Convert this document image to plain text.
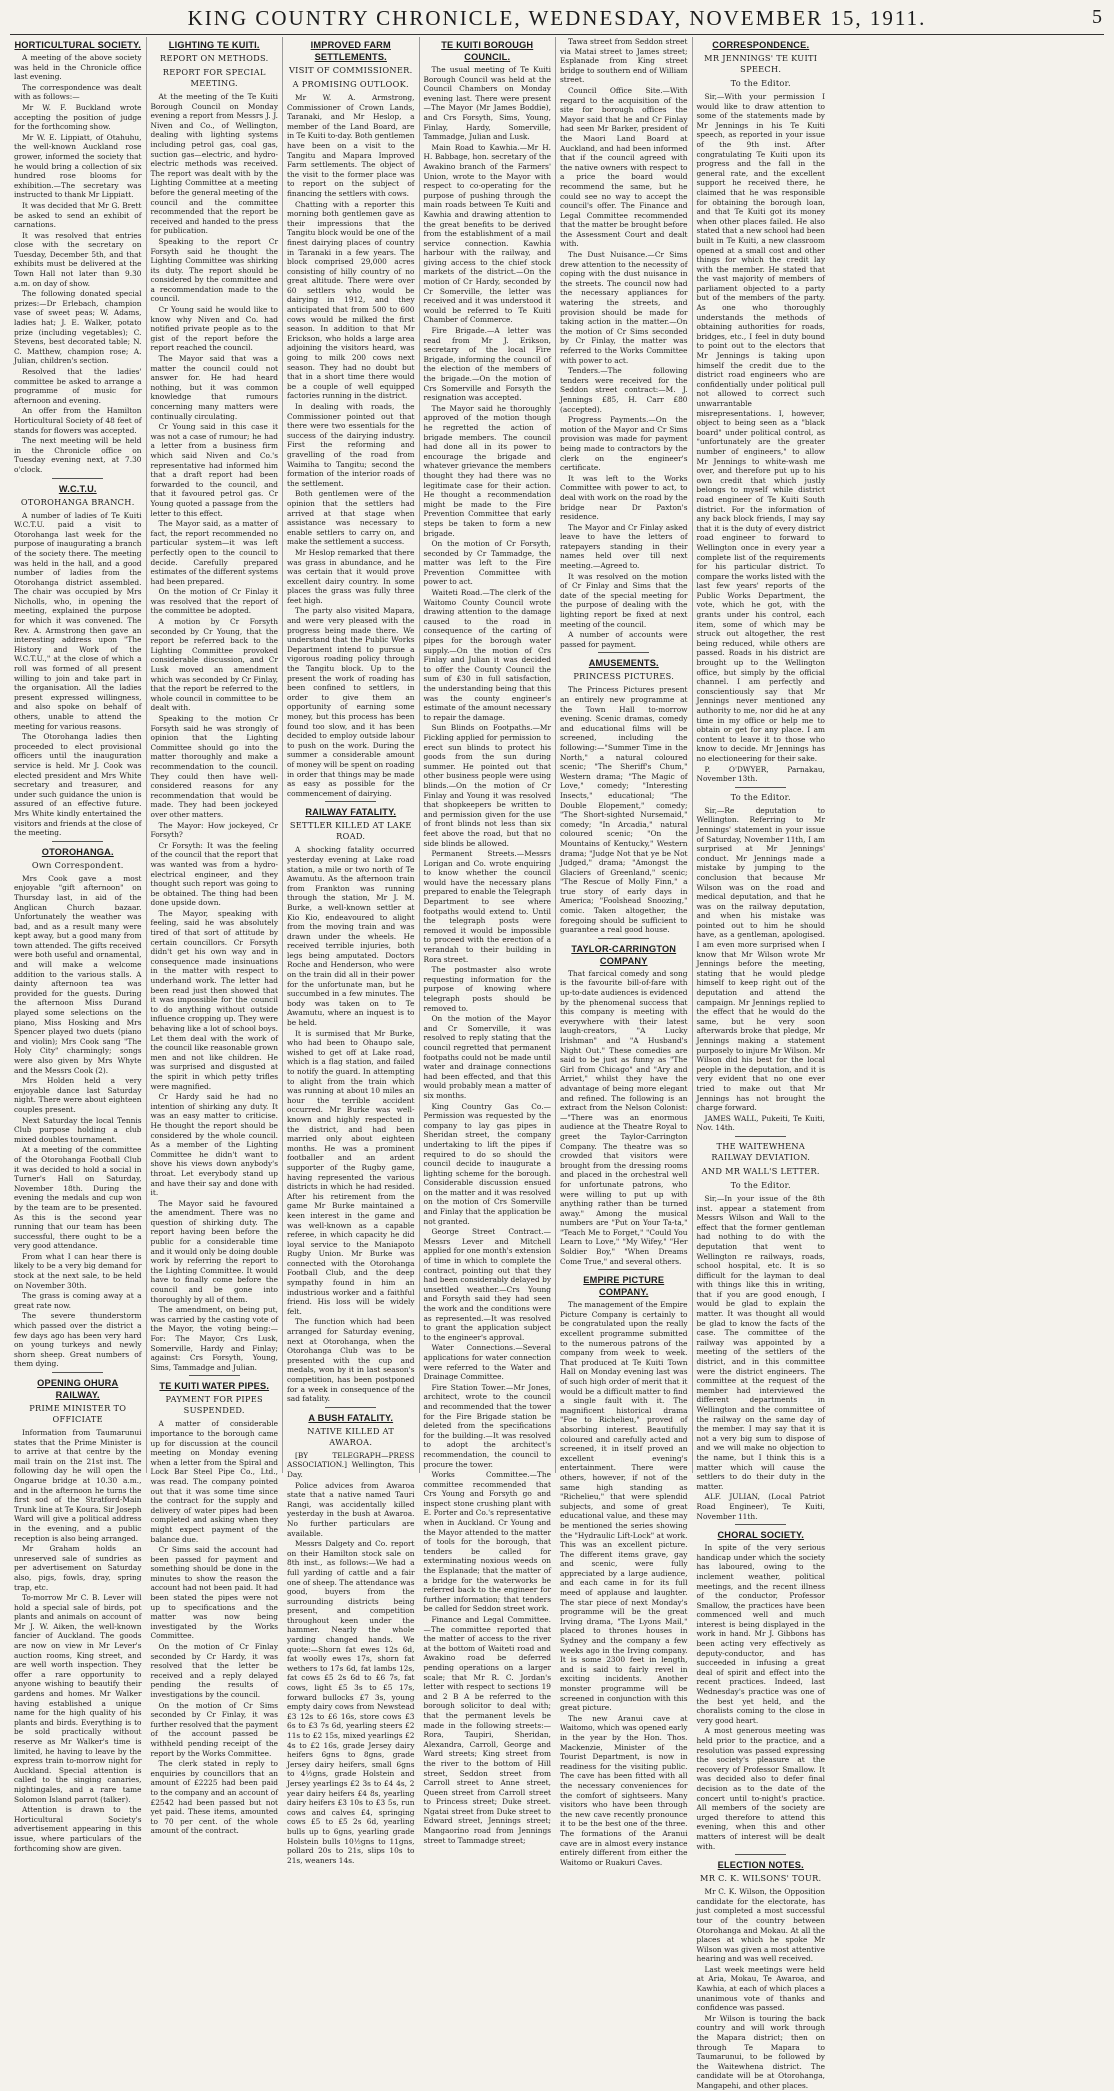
KING COUNTRY CHRONICLE, WEDNESDAY, NOVEMBER 15, 1911.	5
HORTICULTURAL SOCIETY.

A meeting of the above society was held in the Chronicle office last evening.

The correspondence was dealt with as follows:—

Mr W. F. Buckland wrote accepting the position of judge for the forthcoming show.

Mr W. E. Lippiatt, of Otahuhu, the well-known Auckland rose grower, informed the society that he would bring a collection of six hundred rose blooms for exhibition.—The secretary was instructed to thank Mr Lippiatt.

It was decided that Mr G. Brett be asked to send an exhibit of carnations.

It was resolved that entries close with the secretary on Tuesday, December 5th, and that exhibits must be delivered at the Town Hall not later than 9.30 a.m. on day of show.

The following donated special prizes:—Dr Erlebach, champion vase of sweet peas; W. Adams, ladies hat; J. E. Walker, potato prize (including vegetables); C. Stevens, best decorated table; N. C. Matthew, champion rose; A. Julian, children's section.

Resolved that the ladies' committee be asked to arrange a programme of music for afternoon and evening.

An offer from the Hamilton Horticultural Society of 48 feet of stands for flowers was accepted.

The next meeting will be held in the Chronicle office on Tuesday evening next, at 7.30 o'clock.

W.C.T.U.
OTOROHANGA BRANCH.

A number of ladies of Te Kuiti W.C.T.U. paid a visit to Otorohanga last week for the purpose of inaugurating a branch of the society there. The meeting was held in the hall, and a good number of ladies from the Otorohanga district assembled. The chair was occupied by Mrs Nicholls, who, in opening the meeting, explained the purpose for which it was convened. The Rev. A. Armstrong then gave an interesting address upon "The History and Work of the W.C.T.U.," at the close of which a roll was formed of all present willing to join and take part in the organisation. All the ladies present expressed willingness, and also spoke on behalf of others, unable to attend the meeting for various reasons.

The Otorohanga ladies then proceeded to elect provisional officers until the inauguration service is held. Mr J. Cook was elected president and Mrs White secretary and treasurer, and under such guidance the union is assured of an effective future. Mrs White kindly entertained the visitors and friends at the close of the meeting.

OTOROHANGA.
Own Correspondent.

Mrs Cook gave a most enjoyable "gift afternoon" on Thursday last, in aid of the Anglican Church bazaar. Unfortunately the weather was bad, and as a result many were kept away, but a good many from town attended. The gifts received were both useful and ornamental, and will make a welcome addition to the various stalls. A dainty afternoon tea was provided for the guests. During the afternoon Miss Durand played some selections on the piano, Miss Hosking and Mrs Spencer played two duets (piano and violin); Mrs Cook sang "The Holy City" charmingly; songs were also given by Mrs Whyte and the Messrs Cook (2).

Mrs Holden held a very enjoyable dance last Saturday night. There were about eighteen couples present.

Next Saturday the local Tennis Club purpose holding a club mixed doubles tournament.

At a meeting of the committee of the Otorohanga Football Club it was decided to hold a social in Turner's Hall on Saturday, November 18th. During the evening the medals and cup won by the team are to be presented. As this is the second year running that our team has been successful, there ought to be a very good attendance.

From what I can hear there is likely to be a very big demand for stock at the next sale, to be held on November 30th.

The grass is coming away at a great rate now.

The severe thunderstorm which passed over the district a few days ago has been very hard on young turkeys and newly shorn sheep. Great numbers of them dying.

OPENING OHURA RAILWAY.
PRIME MINISTER TO OFFICIATE

Information from Taumarunui states that the Prime Minister is to arrive at that centre by the mail train on the 21st inst. The following day he will open the Ongarue bridge at 10.30 a.m., and in the afternoon he turns the first sod of the Stratford-Main Trunk line at Te Koura. Sir Joseph Ward will give a political address in the evening, and a public reception is also being arranged.

Mr Graham holds an unreserved sale of sundries as per advertisement on Saturday also, pigs, fowls, dray, spring trap, etc.

To-morrow Mr C. B. Lever will hold a special sale of birds, pot plants and animals on account of Mr J. W. Aiken, the well-known fancier of Auckland. The goods are now on view in Mr Lever's auction rooms, King street, and are well worth inspection. They offer a rare opportunity to anyone wishing to beautify their gardens and homes. Mr Walker having established a unique name for the high quality of his plants and birds. Everything is to be sold practically without reserve as Mr Walker's time is limited, he having to leave by the express train to-morrow night for Auckland. Special attention is called to the singing canaries, nightingales, and a rare tame Solomon Island parrot (talker).

Attention is drawn to the Horticultural Society's advertisement appearing in this issue, where particulars of the forthcoming show are given.

LIGHTING TE KUITI.
REPORT ON METHODS.
REPORT FOR SPECIAL MEETING.

At the meeting of the Te Kuiti Borough Council on Monday evening a report from Messrs J. J. Niven and Co., of Wellington, dealing with lighting systems including petrol gas, coal gas, suction gas—electric, and hydro-electric methods was received. The report was dealt with by the Lighting Committee at a meeting before the general meeting of the council and the committee recommended that the report be received and handed to the press for publication.

Speaking to the report Cr Forsyth said he thought the Lighting Committee was shirking its duty. The report should be considered by the committee and a recommendation made to the council.

Cr Young said he would like to know why Niven and Co. had notified private people as to the gist of the report before the report reached the council.

The Mayor said that was a matter the council could not answer for. He had heard nothing, but it was common knowledge that rumours concerning many matters were continually circulating.

Cr Young said in this case it was not a case of rumour; he had a letter from a business firm which said Niven and Co.'s representative had informed him that a draft report had been forwarded to the council, and that it favoured petrol gas. Cr Young quoted a passage from the letter to this effect.

The Mayor said, as a matter of fact, the report recommended no particular system—it was left perfectly open to the council to decide. Carefully prepared estimates of the different systems had been prepared.

On the motion of Cr Finlay it was resolved that the report of the committee be adopted.

A motion by Cr Forsyth seconded by Cr Young, that the report be referred back to the Lighting Committee provoked considerable discussion, and Cr Lusk moved an amendment which was seconded by Cr Finlay, that the report be referred to the whole council in committee to be dealt with.

Speaking to the motion Cr Forsyth said he was strongly of opinion that the Lighting Committee should go into the matter thoroughly and make a recommendation to the council. They could then have well-considered reasons for any recommendation that would be made. They had been jockeyed over other matters.

The Mayor: How jockeyed, Cr Forsyth?

Cr Forsyth: It was the feeling of the council that the report that was wanted was from a hydro-electrical engineer, and they thought such report was going to be obtained. The thing had been done upside down.

The Mayor, speaking with feeling, said he was absolutely tired of that sort of attitude by certain councillors. Cr Forsyth didn't get his own way and in consequence made insinuations in the matter with respect to underhand work. The letter had been read just then showed that it was impossible for the council to do anything without outside influence cropping up. They were behaving like a lot of school boys. Let them deal with the work of the council like reasonable grown men and not like children. He was surprised and disgusted at the spirit in which petty trifles were magnified.

Cr Hardy said he had no intention of shirking any duty. It was an easy matter to criticise. He thought the report should be considered by the whole council. As a member of the Lighting Committee he didn't want to shove his views down anybody's throat. Let everybody stand up and have their say and done with it.

The Mayor said he favoured the amendment. There was no question of shirking duty. The report having been before the public for a considerable time and it would only be doing double work by referring the report to the Lighting Committee. It would have to finally come before the council and be gone into thoroughly by all of them.

The amendment, on being put, was carried by the casting vote of the Mayor, the voting being:—For: The Mayor, Crs Lusk, Somerville, Hardy and Finlay; against: Crs Forsyth, Young, Sims, Tammadge and Julian.

TE KUITI WATER PIPES.
PAYMENT FOR PIPES SUSPENDED.

A matter of considerable importance to the borough came up for discussion at the council meeting on Monday evening when a letter from the Spiral and Lock Bar Steel Pipe Co., Ltd., was read. The company pointed out that it was some time since the contract for the supply and delivery of water pipes had been completed and asking when they might expect payment of the balance due.

Cr Sims said the account had been passed for payment and something should be done in the minutes to show the reason the account had not been paid. It had been stated the pipes were not up to specifications and the matter was now being investigated by the Works Committee.

On the motion of Cr Finlay seconded by Cr Hardy, it was resolved that the letter be received and a reply delayed pending the results of investigations by the council.

On the motion of Cr Sims seconded by Cr Finlay, it was further resolved that the payment of the account passed be withheld pending receipt of the report by the Works Committee.

The clerk stated in reply to enquiries by councillors that an amount of £2225 had been paid to the company and an account of £2542 had been passed but not yet paid. These items, amounted to 70 per cent. of the whole amount of the contract.

IMPROVED FARM SETTLEMENTS.
VISIT OF COMMISSIONER.
A PROMISING OUTLOOK.

Mr W. A. Armstrong, Commissioner of Crown Lands, Taranaki, and Mr Heslop, a member of the Land Board, are in Te Kuiti to-day. Both gentlemen have been on a visit to the Tangitu and Mapara Improved Farm settlements. The object of the visit to the former place was to report on the subject of financing the settlers with cows.

Chatting with a reporter this morning both gentlemen gave as their impressions that the Tangitu block would be one of the finest dairying places of country in Taranaki in a few years. The block comprised 29,000 acres consisting of hilly country of no great altitude. There were over 60 settlers who would be dairying in 1912, and they anticipated that from 500 to 600 cows would be milked the first season. In addition to that Mr Erickson, who holds a large area adjoining the visitors heard, was going to milk 200 cows next season. They had no doubt but that in a short time there would be a couple of well equipped factories running in the district.

In dealing with roads, the Commissioner pointed out that there were two essentials for the success of the dairying industry. First the reforming and gravelling of the road from Waimiha to Tangitu; second the formation of the interior roads of the settlement.

Both gentlemen were of the opinion that the settlers had arrived at that stage when assistance was necessary to enable settlers to carry on, and make the settlement a success.

Mr Heslop remarked that there was grass in abundance, and he was certain that it would prove excellent dairy country. In some places the grass was fully three feet high.

The party also visited Mapara, and were very pleased with the progress being made there. We understand that the Public Works Department intend to pursue a vigorous roading policy through the Tangitu block. Up to the present the work of roading has been confined to settlers, in order to give them an opportunity of earning some money, but this process has been found too slow, and it has been decided to employ outside labour to push on the work. During the summer a considerable amount of money will be spent on roading in order that things may be made as easy as possible for the commencement of dairying.

RAILWAY FATALITY.
SETTLER KILLED AT LAKE ROAD.

A shocking fatality occurred yesterday evening at Lake road station, a mile or two north of Te Awamutu. As the afternoon train from Frankton was running through the station, Mr J. M. Burke, a well-known settler at Kio Kio, endeavoured to alight from the moving train and was drawn under the wheels. He received terrible injuries, both legs being amputated. Doctors Roche and Henderson, who were on the train did all in their power for the unfortunate man, but he succumbed in a few minutes. The body was taken on to Te Awamutu, where an inquest is to be held.

It is surmised that Mr Burke, who had been to Ohaupo sale, wished to get off at Lake road, which is a flag station, and failed to notify the guard. In attempting to alight from the train which was running at about 10 miles an hour the terrible accident occurred. Mr Burke was well-known and highly respected in the district, and had been married only about eighteen months. He was a prominent footballer and an ardent supporter of the Rugby game, having represented the various districts in which he had resided. After his retirement from the game Mr Burke maintained a keen interest in the game and was well-known as a capable referee, in which capacity he did loyal service to the Maniapoto Rugby Union. Mr Burke was connected with the Otorohanga Football Club, and the deep sympathy found in him an industrious worker and a faithful friend. His loss will be widely felt.

The function which had been arranged for Saturday evening, next at Otorohanga, when the Otorohanga Club was to be presented with the cup and medals, won by it in last season's competition, has been postponed for a week in consequence of the sad fatality.

A BUSH FATALITY.
NATIVE KILLED AT AWAROA.

[BY TELEGRAPH—PRESS ASSOCIATION.] Wellington, This Day.

Police advices from Awaroa state that a native named Tauri Rangi, was accidentally killed yesterday in the bush at Awaroa. No further particulars are available.

Messrs Dalgety and Co. report on their Hamilton stock sale on 8th inst., as follows:—We had a full yarding of cattle and a fair one of sheep. The attendance was good, buyers from the surrounding districts being present, and competition throughout keen under the hammer. Nearly the whole yarding changed hands. We quote:—Shorn fat ewes 12s 6d, fat woolly ewes 17s, shorn fat wethers to 17s 6d, fat lambs 12s, fat cows £5 2s 6d to £6 7s, fat cows, light £5 3s to £5 17s, forward bullocks £7 3s, young empty dairy cows from Newstead £3 12s to £6 16s, store cows £3 6s to £3 7s 6d, yearling steers £2 11s to £2 15s, mixed yearlings £2 4s to £2 16s, grade Jersey dairy heifers 6gns to 8gns, grade Jersey dairy heifers, small 6gns to 4½gns, grade Holstein and Jersey yearlings £2 3s to £4 4s, 2 year dairy heifers £4 8s, yearling dairy heifers £3 10s to £3 5s, run cows and calves £4, springing cows £5 to £5 2s 6d, yearling bulls up to 6gns, yearling grade Holstein bulls 10½gns to 11gns, pollard 20s to 21s, slips 10s to 21s, weaners 14s.

TE KUITI BOROUGH COUNCIL.

The usual meeting of Te Kuiti Borough Council was held at the Council Chambers on Monday evening last. There were present—The Mayor (Mr James Boddie), and Crs Forsyth, Sims, Young, Finlay, Hardy, Somerville, Tammadge, Julian and Lusk.

Main Road to Kawhia.—Mr H. H. Babbage, hon. secretary of the Awakino branch of the Farmers' Union, wrote to the Mayor with respect to co-operating for the purpose of pushing through the main roads between Te Kuiti and Kawhia and drawing attention to the great benefits to be derived from the establishment of a mail service connection. Kawhia harbour with the railway, and giving access to the chief stock markets of the district.—On the motion of Cr Hardy, seconded by Cr Somerville, the letter was received and it was understood it would be referred to Te Kuiti Chamber of Commerce.

Fire Brigade.—A letter was read from Mr J. Erikson, secretary of the local Fire Brigade, informing the council of the election of the members of the brigade.—On the motion of Crs Somerville and Forsyth the resignation was accepted.

The Mayor said he thoroughly approved of the motion though he regretted the action of brigade members. The council had done all in its power to encourage the brigade and whatever grievance the members thought they had there was no legitimate case for their action. He thought a recommendation might be made to the Fire Prevention Committee that early steps be taken to form a new brigade.

On the motion of Cr Forsyth, seconded by Cr Tammadge, the matter was left to the Fire Prevention Committee with power to act.

Waiteti Road.—The clerk of the Waitomo County Council wrote drawing attention to the damage caused to the road in consequence of the carting of pipes for the borough water supply.—On the motion of Crs Finlay and Julian it was decided to offer the County Council the sum of £30 in full satisfaction, the understanding being that this was the county engineer's estimate of the amount necessary to repair the damage.

Sun Blinds on Footpaths.—Mr Fickling applied for permission to erect sun blinds to protect his goods from the sun during summer. He pointed out that other business people were using blinds.—On the motion of Cr Finlay and Young it was resolved that shopkeepers be written to and permission given for the use of front blinds not less than six feet above the road, but that no side blinds be allowed.

Permanent Streets.—Messrs Lorigan and Co. wrote enquiring to know whether the council would have the necessary plans prepared to enable the Telegraph Department to see where footpaths would extend to. Until the telegraph posts were removed it would be impossible to proceed with the erection of a verandah to their building in Rora street.

The postmaster also wrote requesting information for the purpose of knowing where telegraph posts should be removed to.

On the motion of the Mayor and Cr Somerville, it was resolved to reply stating that the council regretted that permanent footpaths could not be made until water and drainage connections had been effected, and that this would probably mean a matter of six months.

King Country Gas Co.—Permission was requested by the company to lay gas pipes in Sheridan street, the company undertaking to lift the pipes if required to do so should the council decide to inaugurate a lighting scheme for the borough. Considerable discussion ensued on the matter and it was resolved on the motion of Crs Somerville and Finlay that the application be not granted.

George Street Contract.—Messrs Lever and Mitchell applied for one month's extension of time in which to complete the contract, pointing out that they had been considerably delayed by unsettled weather.—Crs Young and Forsyth said they had seen the work and the conditions were as represented.—It was resolved to grant the application subject to the engineer's approval.

Water Connections.—Several applications for water connection were referred to the Water and Drainage Committee.

Fire Station Tower.—Mr Jones, architect, wrote to the council and recommended that the tower for the Fire Brigade station be deleted from the specifications for the building.—It was resolved to adopt the architect's recommendation, the council to procure the tower.

Works Committee.—The committee recommended that Crs Young and Forsyth go and inspect stone crushing plant with E. Porter and Co.'s representative when in Auckland. Cr Young and the Mayor attended to the matter of tools for the borough, that tenders be called for exterminating noxious weeds on the Esplanade; that the matter of a bridge for the waterworks be referred back to the engineer for further information; that tenders be called for Seddon street work.

Finance and Legal Committee.—The committee reported that the matter of access to the river at the bottom of Waiteti road and Awakino road be deferred pending operations on a larger scale; that Mr R. C. Jordan's letter with respect to sections 19 and 2 B A be referred to the borough solicitor to deal with; that the permanent levels be made in the following streets:—Rora, Taupiri, Sheridan, Alexandra, Carroll, George and Ward streets; King street from the river to the bottom of Hill street, Seddon street from Carroll street to Anne street, Queen street from Carroll street to Princess street; Duke street. Ngatai street from Duke street to Edward street, Jennings street; Mangaorino road from Jennings street to Tammadge street;

Tawa street from Seddon street via Matai street to James street; Esplanade from King street bridge to southern end of William street.

Council Office Site.—With regard to the acquisition of the site for borough offices the Mayor said that he and Cr Finlay had seen Mr Barker, president of the Maori Land Board at Auckland, and had been informed that if the council agreed with the native owners with respect to a price the board would recommend the same, but he could see no way to accept the council's offer. The Finance and Legal Committee recommended that the matter be brought before the Assessment Court and dealt with.

The Dust Nuisance.—Cr Sims drew attention to the necessity of coping with the dust nuisance in the streets. The council now had the necessary appliances for watering the streets, and provision should be made for taking action in the matter.—On the motion of Cr Sims seconded by Cr Finlay, the matter was referred to the Works Committee with power to act.

Tenders.—The following tenders were received for the Seddon street contract:—M. J. Jennings £85, H. Carr £80 (accepted).

Progress Payments.—On the motion of the Mayor and Cr Sims provision was made for payment being made to contractors by the clerk on the engineer's certificate.

It was left to the Works Committee with power to act, to deal with work on the road by the bridge near Dr Paxton's residence.

The Mayor and Cr Finlay asked leave to have the letters of ratepayers standing in their names held over till next meeting.—Agreed to.

It was resolved on the motion of Cr Finlay and Sims that the date of the special meeting for the purpose of dealing with the lighting report be fixed at next meeting of the council.

A number of accounts were passed for payment.

AMUSEMENTS.
PRINCESS PICTURES.

The Princess Pictures present an entirely new programme at the Town Hall to-morrow evening. Scenic dramas, comedy and educational films will be screened, including the following:—"Summer Time in the North," a natural coloured scenic; "The Sheriff's Chum," Western drama; "The Magic of Love," comedy; "Interesting Insects," educational; "The Double Elopement," comedy; "The Short-sighted Nursemaid," comedy; "In Arcadia," natural coloured scenic; "On the Mountains of Kentucky," Western drama; "Judge Not that ye be Not Judged," drama; "Amongst the Glaciers of Greenland," scenic; "The Rescue of Molly Finn," a true story of early days in America; "Foolshead Snoozing," comic. Taken altogether, the foregoing should be sufficient to guarantee a real good house.

TAYLOR-CARRINGTON COMPANY

That farcical comedy and song is the favourite bill-of-fare with up-to-date audiences is evidenced by the phenomenal success that this company is meeting with everywhere with their latest laugh-creators, "A Lucky Irishman" and "A Husband's Night Out." These comedies are said to be just as funny as "The Girl from Chicago" and "Ary and Arriet," whilst they have the advantage of being more elegant and refined. The following is an extract from the Nelson Colonist:—"There was an enormous audience at the Theatre Royal to greet the Taylor-Carrington Company. The theatre was so crowded that visitors were brought from the dressing rooms and placed in the orchestral well for unfortunate patrons, who were willing to put up with anything rather than be turned away." Among the musical numbers are "Put on Your Ta-ta," "Teach Me to Forget," "Could You Learn to Love," "My Wifey," "Her Soldier Boy," "When Dreams Come True," and several others.

EMPIRE PICTURE COMPANY.

The management of the Empire Picture Company is certainly to be congratulated upon the really excellent programme submitted to the numerous patrons of the company from week to week. That produced at Te Kuiti Town Hall on Monday evening last was of such high order of merit that it would be a difficult matter to find a single fault with it. The magnificent historical drama "Foe to Richelieu," proved of absorbing interest. Beautifully coloured and carefully acted and screened, it in itself proved an excellent evening's entertainment. There were others, however, if not of the same high standing as "Richelieu," that were splendid subjects, and some of great educational value, and these may be mentioned the series showing the "Hydraulic Lift-Lock" at work. This was an excellent picture. The different items grave, gay and scenic, were fully appreciated by a large audience, and each came in for its full meed of applause and laughter. The star piece of next Monday's programme will be the great Irving drama, "The Lyons Mail," placed to thrones houses in Sydney and the company a few weeks ago in the Irving company. It is some 2300 feet in length, and is said to fairly revel in exciting incidents. Another monster programme will be screened in conjunction with this great picture.

The new Aranui cave at Waitomo, which was opened early in the year by the Hon. Thos. Mackenzie, Minister of the Tourist Department, is now in readiness for the visiting public. The cave has been fitted with all the necessary conveniences for the comfort of sightseers. Many visitors who have been through the new cave recently pronounce it to be the best one of the three. The formations of the Aranui cave are in almost every instance entirely different from either the Waitomo or Ruakuri Caves.

CORRESPONDENCE.
MR JENNINGS' TE KUITI SPEECH.
To the Editor.

Sir,—With your permission I would like to draw attention to some of the statements made by Mr Jennings in his Te Kuiti speech, as reported in your issue of the 9th inst. After congratulating Te Kuiti upon its progress and the fall in the general rate, and the excellent support he received there, he claimed that he was responsible for obtaining the borough loan, and that Te Kuiti got its money when other places failed. He also stated that a new school had been built in Te Kuiti, a new classroom opened at a small cost and other things for which the credit lay with the member. He stated that the vast majority of members of parliament objected to a party but of the members of the party. As one who thoroughly understands the methods of obtaining authorities for roads, bridges, etc., I feel in duty bound to point out to the electors that Mr Jennings is taking upon himself the credit due to the district road engineers who are confidentially under political pull not allowed to correct such unwarrantable misrepresentations. I, however, object to being seen as a "black board" under political control, as "unfortunately are the greater number of engineers," to allow Mr Jennings to white-wash me over, and therefore put up to his own credit that which justly belongs to myself while district road engineer of Te Kuiti South district. For the information of any back block friends, I may say that it is the duty of every district road engineer to forward to Wellington once in every year a complete list of the requirements for his particular district. To compare the works listed with the last few years' reports of the Public Works Department, the vote, which he got, with the grants under his control, each item, some of which may be struck out altogether, the rest being reduced, while others are passed. Roads in his district are brought up to the Wellington office, but simply by the official channel. I am perfectly and conscientiously say that Mr Jennings never mentioned any authority to me, nor did he at any time in my office or help me to obtain or get for any place. I am content to leave it to those who know to decide. Mr Jennings has no electioneering for their sake.

P. O'DWYER, Parnakau, November 13th.

To the Editor.

Sir,—Re deputation to Wellington. Referring to Mr Jennings' statement in your issue of Saturday, November 11th, I am surprised at Mr Jennings' conduct. Mr Jennings made a mistake by jumping to the conclusion that because Mr Wilson was on the road and medical deputation, and that he was on the railway deputation, and when his mistake was pointed out to him he should have, as a gentleman, apologised. I am even more surprised when I know that Mr Wilson wrote Mr Jennings before the meeting, stating that he would pledge himself to keep right out of the deputation and attend the campaign. Mr Jennings replied to the effect that he would do the same, but he very soon afterwards broke that pledge, Mr Jennings making a statement purposely to injure Mr Wilson. Mr Wilson did his best for the local people in the deputation, and it is very evident that no one ever tried to make out that Mr Jennings has not brought the charge forward.

JAMES WALL, Pukeiti, Te Kuiti, Nov. 14th.

THE WAITEWHENA RAILWAY DEVIATION.
AND MR WALL'S LETTER.
To the Editor.

Sir,—In your issue of the 8th inst. appear a statement from Messrs Wilson and Wall to the effect that the former gentleman had nothing to do with the deputation that went to Wellington re railways, roads, school hospital, etc. It is so difficult for the layman to deal with things like this in writing, that if you are good enough, I would be glad to explain the matter. It was thought all would be glad to know the facts of the case. The committee of the railway was appointed by a meeting of the settlers of the district, and in this committee were the district engineers. The committee at the request of the member had interviewed the different departments in Wellington and the committee of the railway on the same day of the member. I may say that it is not a very big sum to dispose of and we will make no objection to the name, but I think this is a matter which will cause the settlers to do their duty in the matter.

ALF. JULIAN, (Local Patriot Road Engineer), Te Kuiti, November 11th.

CHORAL SOCIETY.

In spite of the very serious handicap under which the society has laboured, owing to the inclement weather, political meetings, and the recent illness of the conductor, Professor Smallow, the practices have been commenced well and much interest is being displayed in the work in hand. Mr J. Gibbons has been acting very effectively as deputy-conductor, and has succeeded in infusing a great deal of spirit and effect into the recent practices. Indeed, last Wednesday's practice was one of the best yet held, and the choralists coming to the close in very good heart.

A most generous meeting was held prior to the practice, and a resolution was passed expressing the society's pleasure at the recovery of Professor Smallow. It was decided also to defer final decision as to the date of the concert until to-night's practice. All members of the society are urged therefore to attend this evening, when this and other matters of interest will be dealt with.

ELECTION NOTES.
MR C. K. WILSONS' TOUR.

Mr C. K. Wilson, the Opposition candidate for the electorate, has just completed a most successful tour of the country between Otorohanga and Mokau. At all the places at which he spoke Mr Wilson was given a most attentive hearing and was well received.

Last week meetings were held at Aria, Mokau, Te Awaroa, and Kawhia, at each of which places a unanimous vote of thanks and confidence was passed.

Mr Wilson is touring the back country and will work through the Mapara district; then on through Te Mapara to Taumarunui, to be followed by the Waitewhena district. The candidate will be at Otorohanga, Mangapehi, and other places.
